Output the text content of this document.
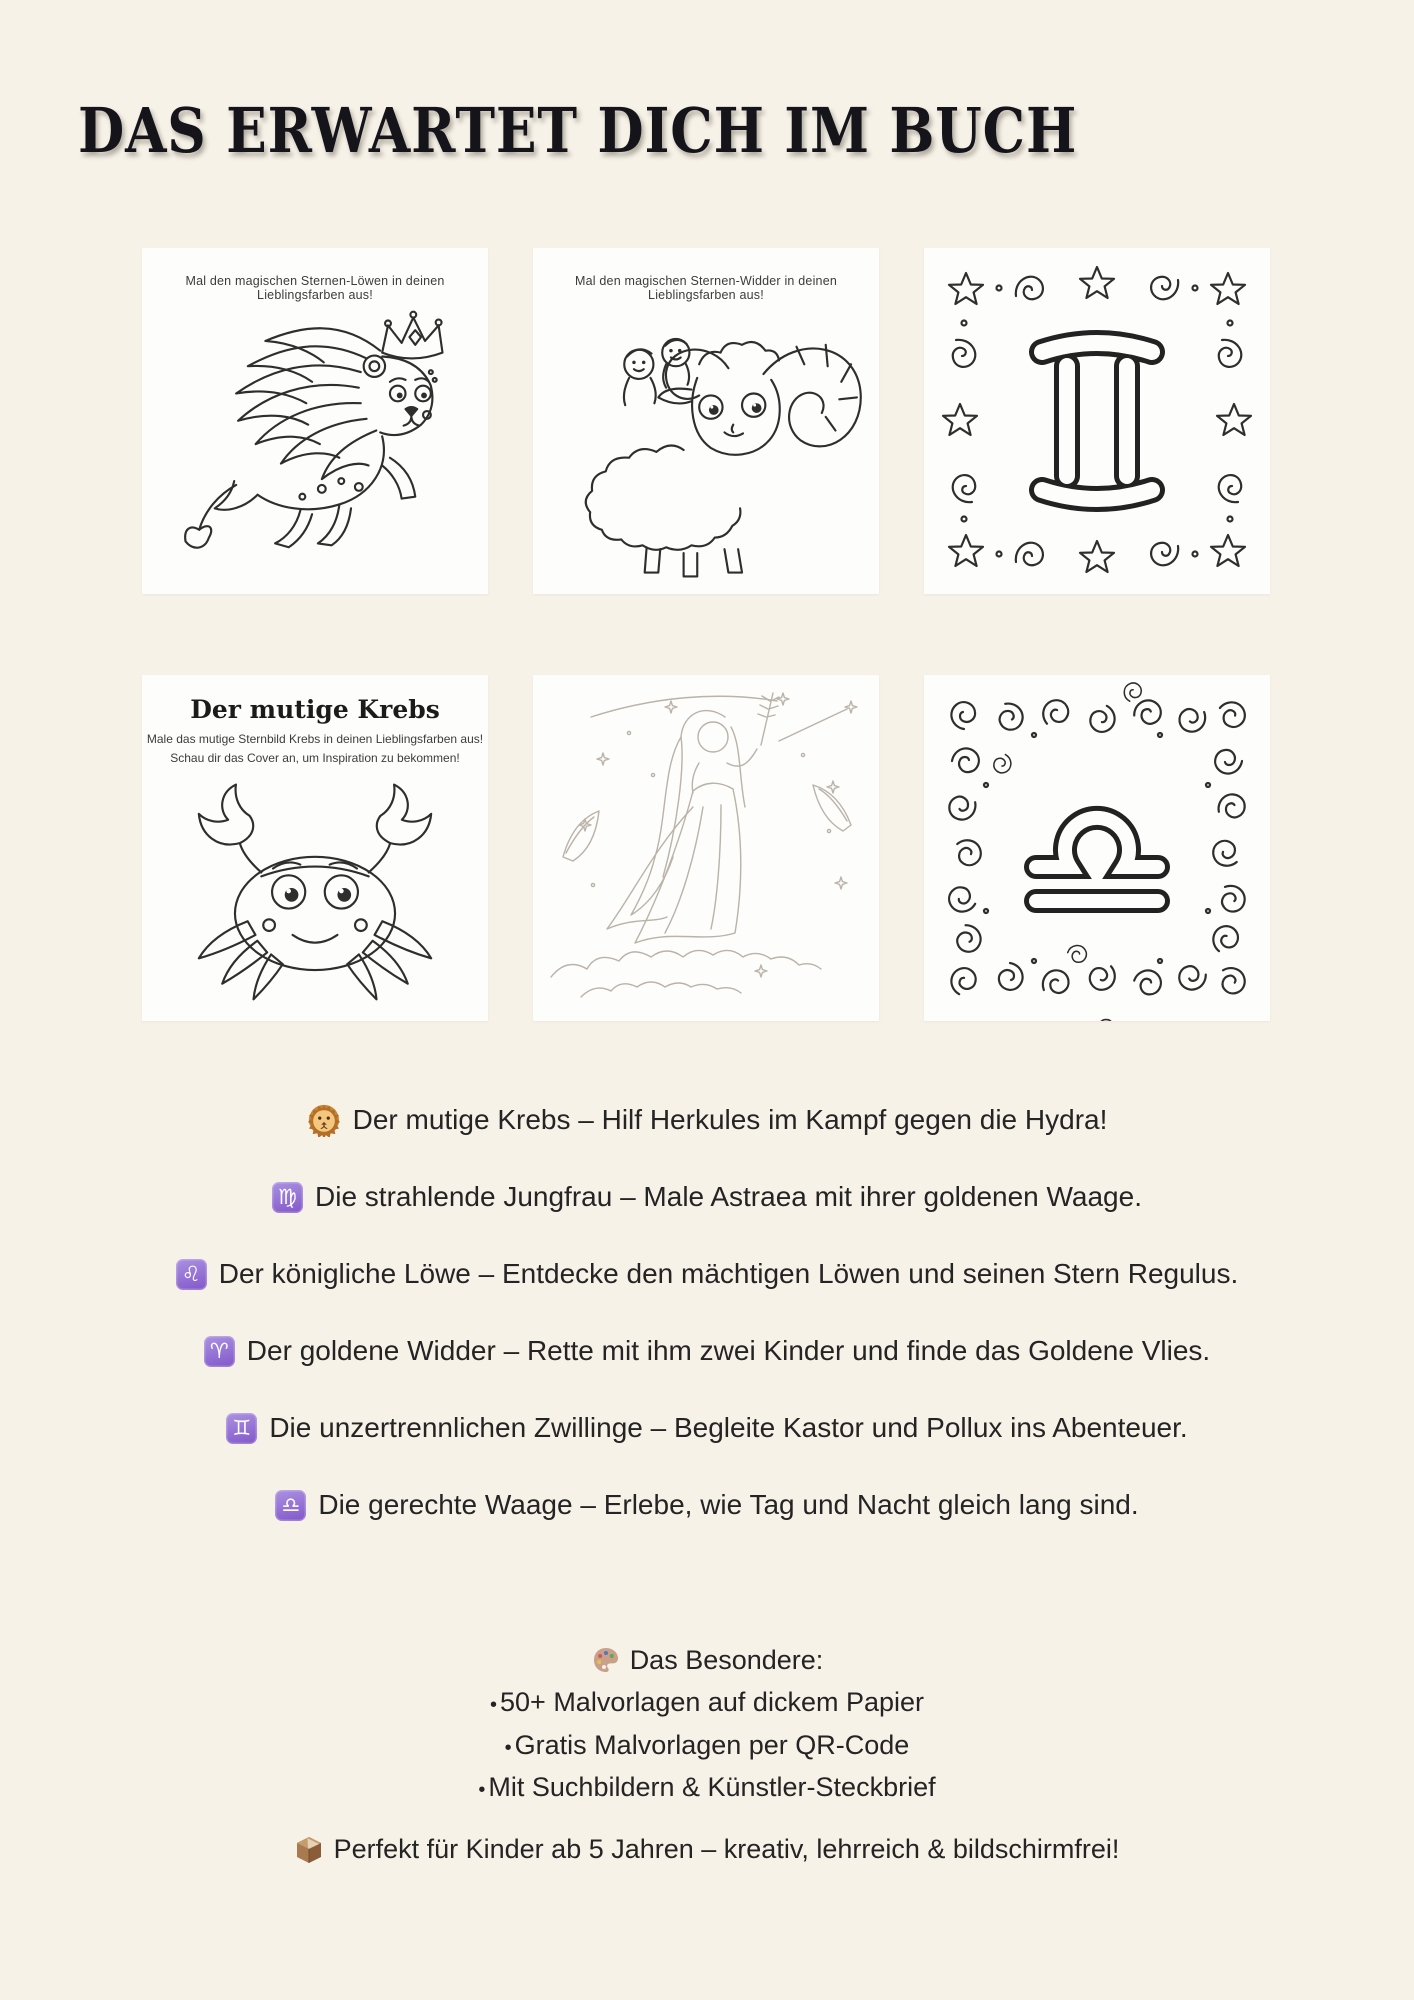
DAS ERWARTET DICH IM BUCH
Mal den magischen Sternen-Löwen in deinen Lieblingsfarben aus!
Mal den magischen Sternen-Widder in deinen Lieblingsfarben aus!
Der mutige Krebs
Male das mutige Sternbild Krebs in deinen Lieblingsfarben aus!
Schau dir das Cover an, um Inspiration zu bekommen!
Der mutige Krebs – Hilf Herkules im Kampf gegen die Hydra!
♍ Die strahlende Jungfrau – Male Astraea mit ihrer goldenen Waage.
♌ Der königliche Löwe – Entdecke den mächtigen Löwen und seinen Stern Regulus.
♈ Der goldene Widder – Rette mit ihm zwei Kinder und finde das Goldene Vlies.
♊ Die unzertrennlichen Zwillinge – Begleite Kastor und Pollux ins Abenteuer.
♎ Die gerechte Waage – Erlebe, wie Tag und Nacht gleich lang sind.
Das Besondere:
• 50+ Malvorlagen auf dickem Papier
• Gratis Malvorlagen per QR-Code
• Mit Suchbildern & Künstler-Steckbrief
Perfekt für Kinder ab 5 Jahren – kreativ, lehrreich & bildschirmfrei!
